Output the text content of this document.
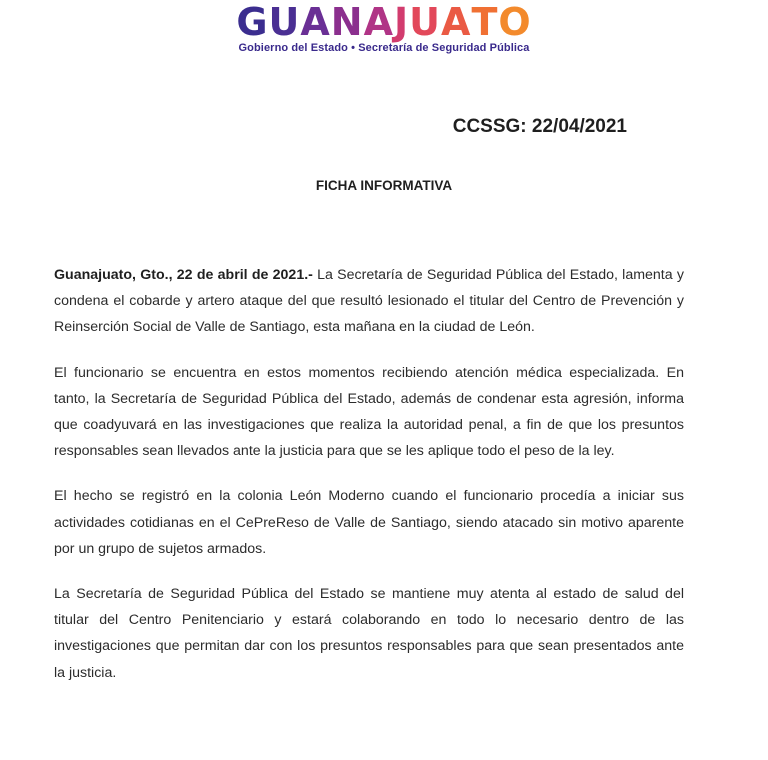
GUANAJUATO
Gobierno del Estado • Secretaría de Seguridad Pública
CCSSG: 22/04/2021
FICHA INFORMATIVA

Guanajuato, Gto., 22 de abril de 2021.- La Secretaría de Seguridad Pública del Estado, lamenta y condena el cobarde y artero ataque del que resultó lesionado el titular del Centro de Prevención y Reinserción Social de Valle de Santiago, esta mañana en la ciudad de León.

El funcionario se encuentra en estos momentos recibiendo atención médica especializada. En tanto, la Secretaría de Seguridad Pública del Estado, además de condenar esta agresión, informa que coadyuvará en las investigaciones que realiza la autoridad penal, a fin de que los presuntos responsables sean llevados ante la justicia para que se les aplique todo el peso de la ley.

El hecho se registró en la colonia León Moderno cuando el funcionario procedía a iniciar sus actividades cotidianas en el CePreReso de Valle de Santiago, siendo atacado sin motivo aparente por un grupo de sujetos armados.

La Secretaría de Seguridad Pública del Estado se mantiene muy atenta al estado de salud del titular del Centro Penitenciario y estará colaborando en todo lo necesario dentro de las investigaciones que permitan dar con los presuntos responsables para que sean presentados ante la justicia.
